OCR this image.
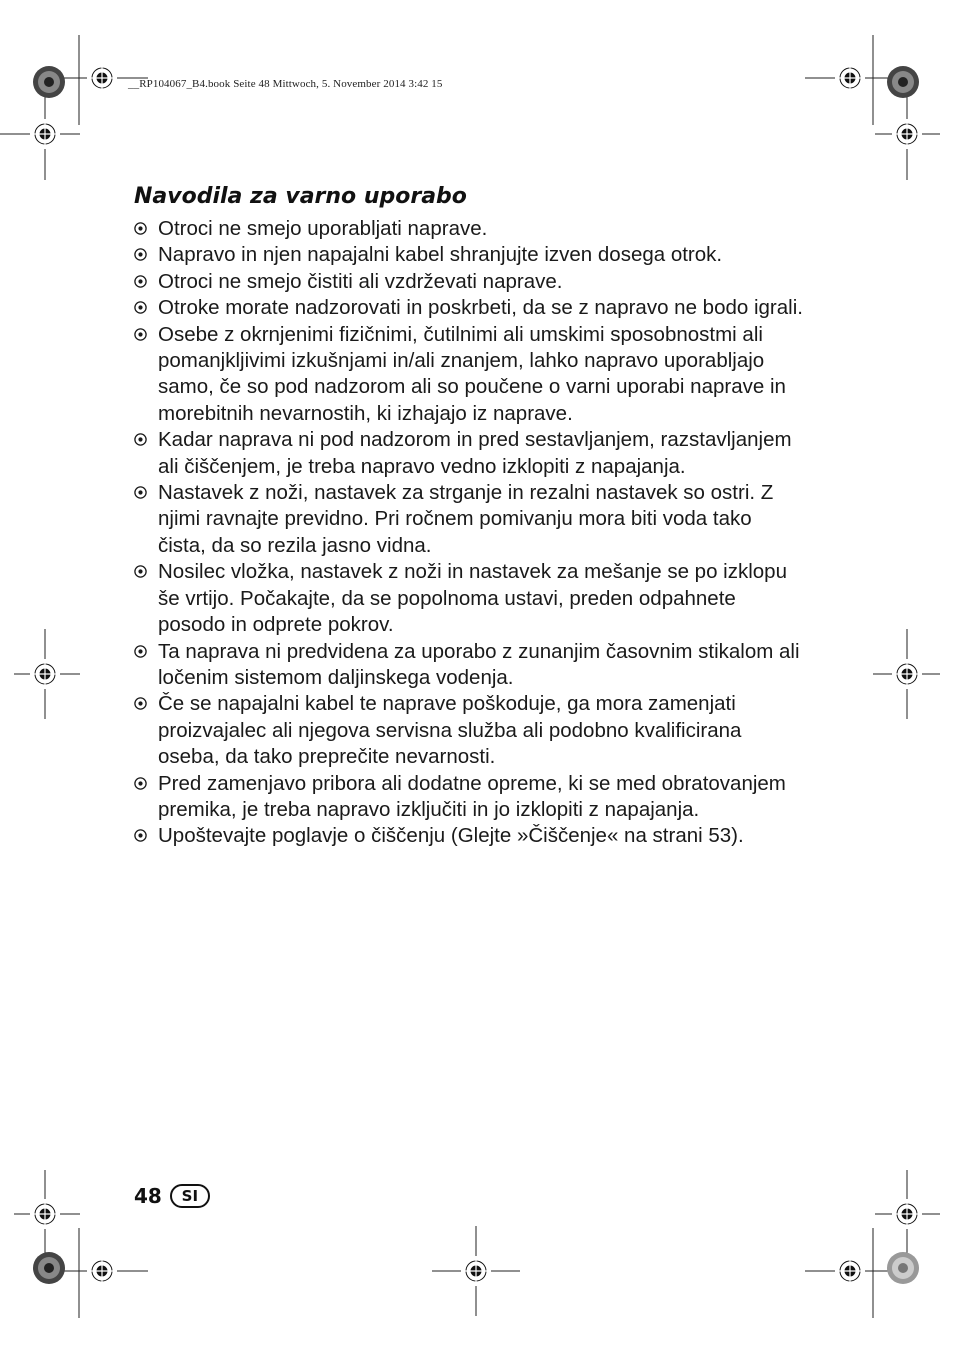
__RP104067_B4.book Seite 48 Mittwoch, 5. November 2014 3:42 15
Navodila za varno uporabo
Otroci ne smejo uporabljati naprave.
Napravo in njen napajalni kabel shranjujte izven dosega otrok.
Otroci ne smejo čistiti ali vzdrževati naprave.
Otroke morate nadzorovati in poskrbeti, da se z napravo ne bodo igrali.
Osebe z okrnjenimi fizičnimi, čutilnimi ali umskimi sposobnostmi ali pomanjkljivimi izkušnjami in/ali znanjem, lahko napravo uporabljajo samo, če so pod nadzorom ali so poučene o varni uporabi naprave in morebitnih nevarnostih, ki izhajajo iz naprave.
Kadar naprava ni pod nadzorom in pred sestavljanjem, razstavljanjem ali čiščenjem, je treba napravo vedno izklopiti z napajanja.
Nastavek z noži, nastavek za strganje in rezalni nastavek so ostri. Z njimi ravnajte previdno. Pri ročnem pomivanju mora biti voda tako čista, da so rezila jasno vidna.
Nosilec vložka, nastavek z noži in nastavek za mešanje se po izklopu še vrtijo. Počakajte, da se popolnoma ustavi, preden odpahnete posodo in odprete pokrov.
Ta naprava ni predvidena za uporabo z zunanjim časovnim stikalom ali ločenim sistemom daljinskega vodenja.
Če se napajalni kabel te naprave poškoduje, ga mora zamenjati proizvajalec ali njegova servisna služba ali podobno kvalificirana oseba, da tako preprečite nevarnosti.
Pred zamenjavo pribora ali dodatne opreme, ki se med obratovanjem premika, je treba napravo izključiti in jo izklopiti z napajanja.
Upoštevajte poglavje o čiščenju (Glejte »Čiščenje« na strani 53).
48	SI
